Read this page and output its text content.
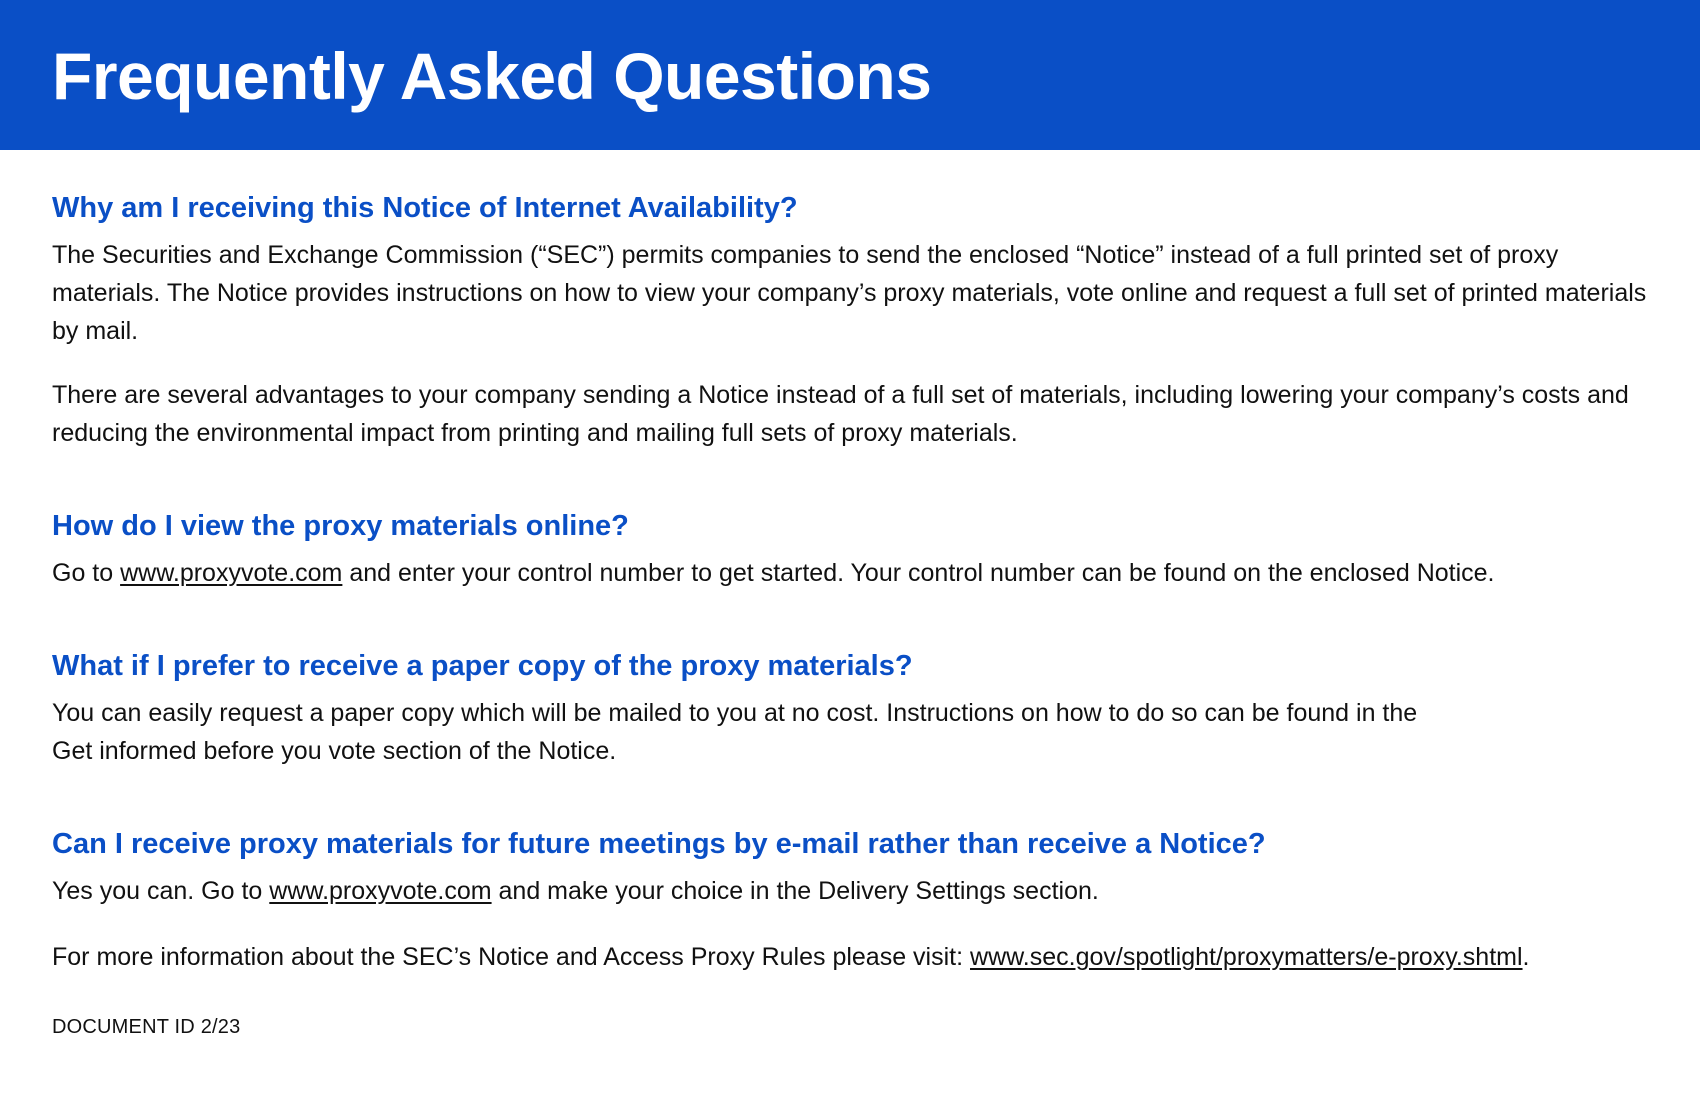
Frequently Asked Questions
Why am I receiving this Notice of Internet Availability?

The Securities and Exchange Commission (“SEC”) permits companies to send the enclosed “Notice” instead of a full printed set of proxy materials. The Notice provides instructions on how to view your company’s proxy materials, vote online and request a full set of printed materials by mail.

There are several advantages to your company sending a Notice instead of a full set of materials, including lowering your company’s costs and reducing the environmental impact from printing and mailing full sets of proxy materials.

How do I view the proxy materials online?

Go to www.proxyvote.com and enter your control number to get started. Your control number can be found on the enclosed Notice.

What if I prefer to receive a paper copy of the proxy materials?

You can easily request a paper copy which will be mailed to you at no cost. Instructions on how to do so can be found in the
Get informed before you vote section of the Notice.

Can I receive proxy materials for future meetings by e-mail rather than receive a Notice?

Yes you can. Go to www.proxyvote.com and make your choice in the Delivery Settings section.

For more information about the SEC’s Notice and Access Proxy Rules please visit: www.sec.gov/spotlight/proxymatters/e-proxy.shtml.

DOCUMENT ID 2/23
